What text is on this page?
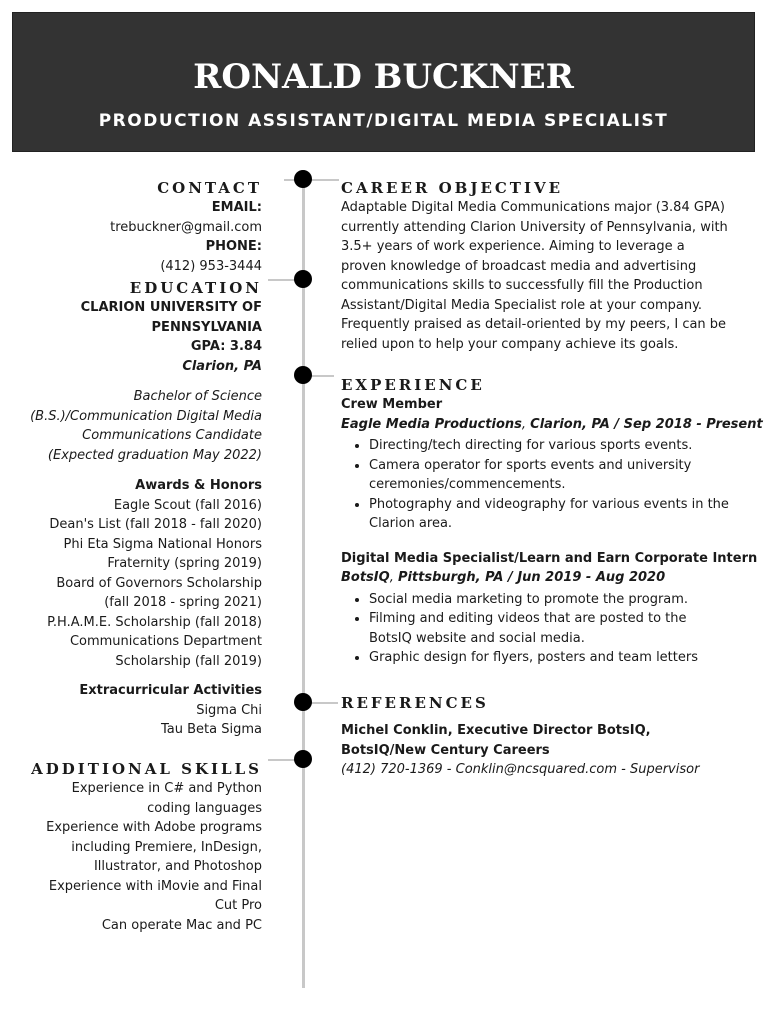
RONALD BUCKNER
PRODUCTION ASSISTANT/DIGITAL MEDIA SPECIALIST
CONTACT
EMAIL:
trebuckner@gmail.com
PHONE:
(412) 953-3444
EDUCATION
CLARION UNIVERSITY OF
PENNSYLVANIA
GPA: 3.84
Clarion, PA
Bachelor of Science
(B.S.)/Communication Digital Media
Communications Candidate
(Expected graduation May 2022)
Awards & Honors
Eagle Scout (fall 2016)
Dean's List (fall 2018 - fall 2020)
Phi Eta Sigma National Honors
Fraternity (spring 2019)
Board of Governors Scholarship
(fall 2018 - spring 2021)
P.H.A.M.E. Scholarship (fall 2018)
Communications Department
Scholarship (fall 2019)
Extracurricular Activities
Sigma Chi
Tau Beta Sigma
ADDITIONAL SKILLS
Experience in C# and Python
coding languages
Experience with Adobe programs
including Premiere, InDesign,
Illustrator, and Photoshop
Experience with iMovie and Final
Cut Pro
Can operate Mac and PC
CAREER OBJECTIVE
Adaptable Digital Media Communications major (3.84 GPA) currently attending Clarion University of Pennsylvania, with 3.5+ years of work experience. Aiming to leverage a proven knowledge of broadcast media and advertising communications skills to successfully fill the Production Assistant/Digital Media Specialist role at your company. Frequently praised as detail-oriented by my peers, I can be relied upon to help your company achieve its goals.
EXPERIENCE
Crew Member
Eagle Media Productions, Clarion, PA / Sep 2018 - Present
• Directing/tech directing for various sports events.
• Camera operator for sports events and university ceremonies/commencements.
• Photography and videography for various events in the Clarion area.
Digital Media Specialist/Learn and Earn Corporate Intern
BotsIQ, Pittsburgh, PA / Jun 2019 - Aug 2020
• Social media marketing to promote the program.
• Filming and editing videos that are posted to the BotsIQ website and social media.
• Graphic design for flyers, posters and team letters
REFERENCES
Michel Conklin, Executive Director BotsIQ, BotsIQ/New Century Careers
(412) 720-1369 - Conklin@ncsquared.com - Supervisor
